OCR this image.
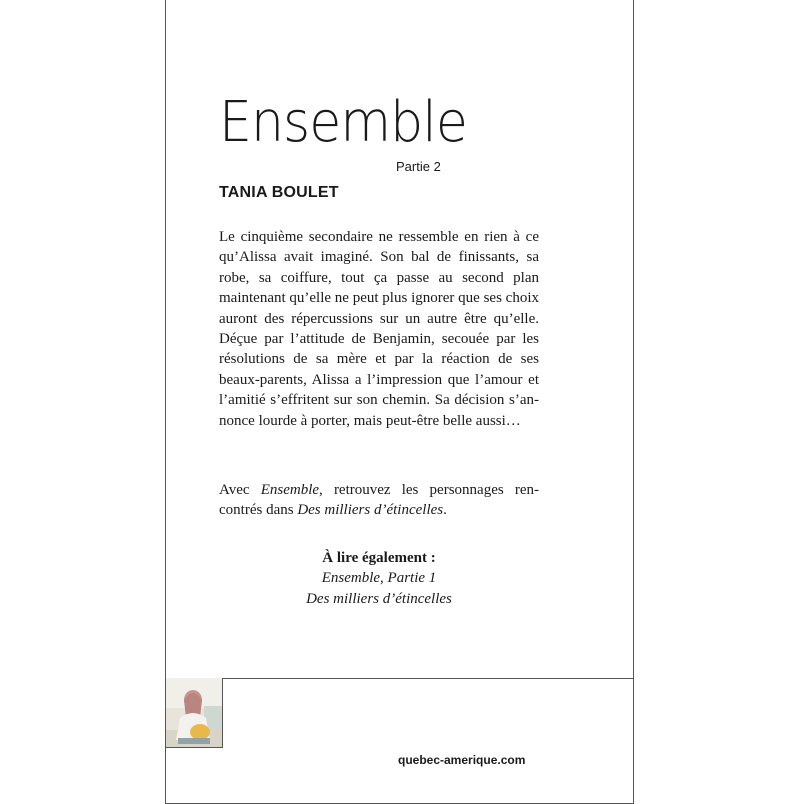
Ensemble
Partie 2
TANIA BOULET

Le cinquième secondaire ne ressemble en rien à ce qu’Alissa avait imaginé. Son bal de finissants, sa robe, sa coiffure, tout ça passe au second plan maintenant qu’elle ne peut plus ignorer que ses choix auront des répercussions sur un autre être qu’elle. Déçue par l’attitude de Benjamin, secouée par les résolutions de sa mère et par la réaction de ses beaux-parents, Alissa a l’impression que l’amour et l’amitié s’effritent sur son chemin. Sa décision s’annonce lourde à porter, mais peut-être belle aussi…

Avec Ensemble, retrouvez les personnages rencontrés dans Des milliers d’étincelles.

À lire également :
Ensemble, Partie 1
Des milliers d’étincelles
quebec-amerique.com
